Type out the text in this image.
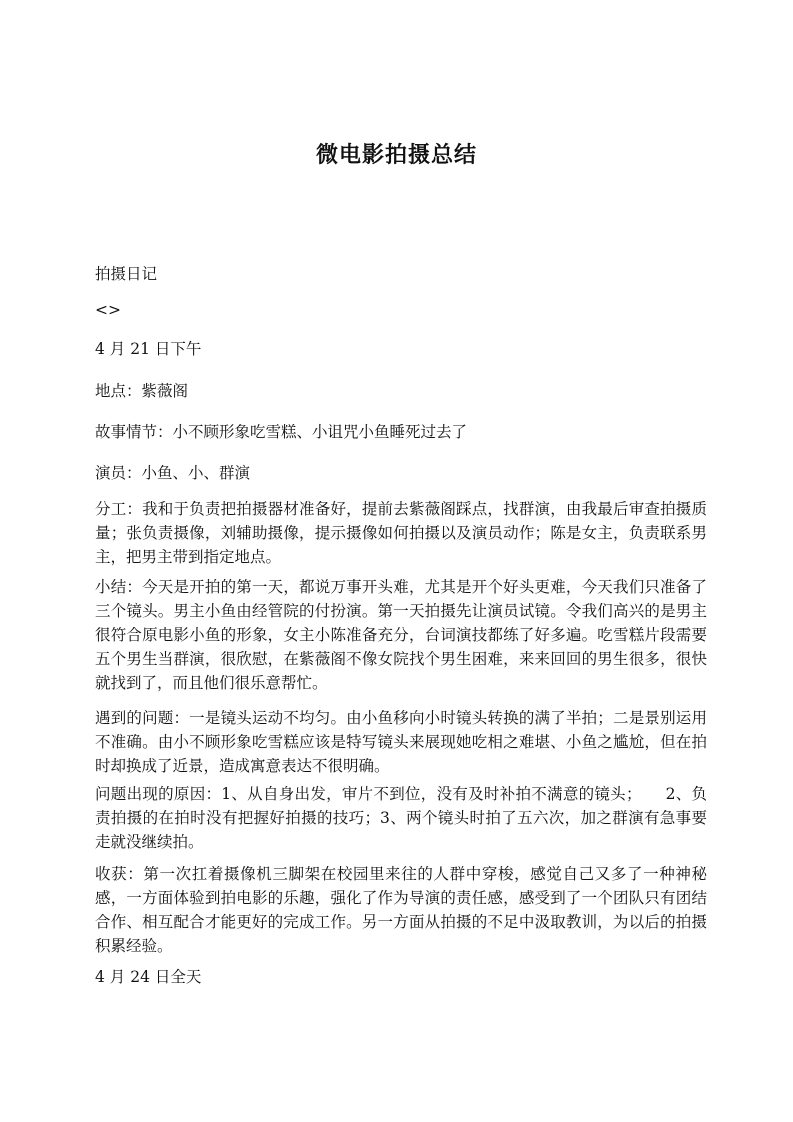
微电影拍摄总结

拍摄日记

<>

4 月 21 日下午

地点：紫薇阁

故事情节：小不顾形象吃雪糕、小诅咒小鱼睡死过去了

演员：小鱼、小、群演

分工：我和于负责把拍摄器材准备好，提前去紫薇阁踩点，找群演，由我最后审查拍摄质量；张负责摄像，刘辅助摄像，提示摄像如何拍摄以及演员动作；陈是女主，负责联系男主，把男主带到指定地点。

小结：今天是开拍的第一天，都说万事开头难，尤其是开个好头更难，今天我们只准备了三个镜头。男主小鱼由经管院的付扮演。第一天拍摄先让演员试镜。令我们高兴的是男主很符合原电影小鱼的形象，女主小陈准备充分，台词演技都练了好多遍。吃雪糕片段需要五个男生当群演，很欣慰，在紫薇阁不像女院找个男生困难，来来回回的男生很多，很快就找到了，而且他们很乐意帮忙。

遇到的问题：一是镜头运动不均匀。由小鱼移向小时镜头转换的满了半拍；二是景别运用不准确。由小不顾形象吃雪糕应该是特写镜头来展现她吃相之难堪、小鱼之尴尬，但在拍时却换成了近景，造成寓意表达不很明确。

问题出现的原因：1、从自身出发，审片不到位，没有及时补拍不满意的镜头；　　2、负责拍摄的在拍时没有把握好拍摄的技巧；3、两个镜头时拍了五六次，加之群演有急事要走就没继续拍。

收获：第一次扛着摄像机三脚架在校园里来往的人群中穿梭，感觉自己又多了一种神秘感，一方面体验到拍电影的乐趣，强化了作为导演的责任感，感受到了一个团队只有团结合作、相互配合才能更好的完成工作。另一方面从拍摄的不足中汲取教训，为以后的拍摄积累经验。

4 月 24 日全天
